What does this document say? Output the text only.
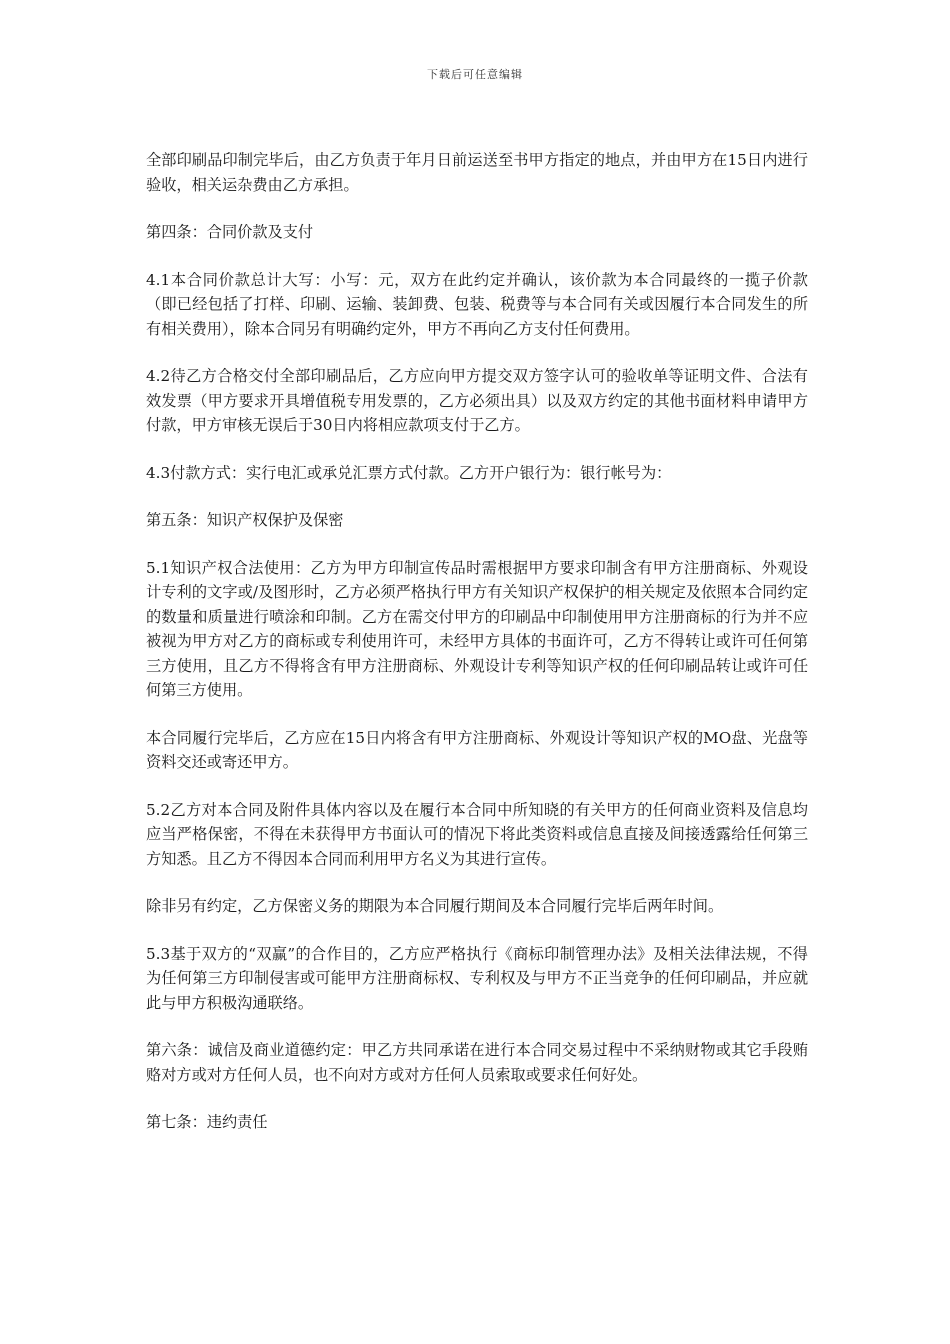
下载后可任意编辑

全部印刷品印制完毕后，由乙方负责于年月日前运送至书甲方指定的地点，并由甲方在15日内进行验收，相关运杂费由乙方承担。

第四条：合同价款及支付

4.1本合同价款总计大写：小写：元，双方在此约定并确认，该价款为本合同最终的一揽子价款（即已经包括了打样、印刷、运输、装卸费、包装、税费等与本合同有关或因履行本合同发生的所有相关费用），除本合同另有明确约定外，甲方不再向乙方支付任何费用。

4.2待乙方合格交付全部印刷品后，乙方应向甲方提交双方签字认可的验收单等证明文件、合法有效发票（甲方要求开具增值税专用发票的，乙方必须出具）以及双方约定的其他书面材料申请甲方付款，甲方审核无误后于30日内将相应款项支付于乙方。

4.3付款方式：实行电汇或承兑汇票方式付款。乙方开户银行为：银行帐号为：

第五条：知识产权保护及保密

5.1知识产权合法使用：乙方为甲方印制宣传品时需根据甲方要求印制含有甲方注册商标、外观设计专利的文字或/及图形时，乙方必须严格执行甲方有关知识产权保护的相关规定及依照本合同约定的数量和质量进行喷涂和印制。乙方在需交付甲方的印刷品中印制使用甲方注册商标的行为并不应被视为甲方对乙方的商标或专利使用许可，未经甲方具体的书面许可，乙方不得转让或许可任何第三方使用，且乙方不得将含有甲方注册商标、外观设计专利等知识产权的任何印刷品转让或许可任何第三方使用。

本合同履行完毕后，乙方应在15日内将含有甲方注册商标、外观设计等知识产权的MO盘、光盘等资料交还或寄还甲方。

5.2乙方对本合同及附件具体内容以及在履行本合同中所知晓的有关甲方的任何商业资料及信息均应当严格保密，不得在未获得甲方书面认可的情况下将此类资料或信息直接及间接透露给任何第三方知悉。且乙方不得因本合同而利用甲方名义为其进行宣传。

除非另有约定，乙方保密义务的期限为本合同履行期间及本合同履行完毕后两年时间。

5.3基于双方的“双赢”的合作目的，乙方应严格执行《商标印制管理办法》及相关法律法规，不得为任何第三方印制侵害或可能甲方注册商标权、专利权及与甲方不正当竞争的任何印刷品，并应就此与甲方积极沟通联络。

第六条：诚信及商业道德约定：甲乙方共同承诺在进行本合同交易过程中不采纳财物或其它手段贿赂对方或对方任何人员，也不向对方或对方任何人员索取或要求任何好处。

第七条：违约责任
